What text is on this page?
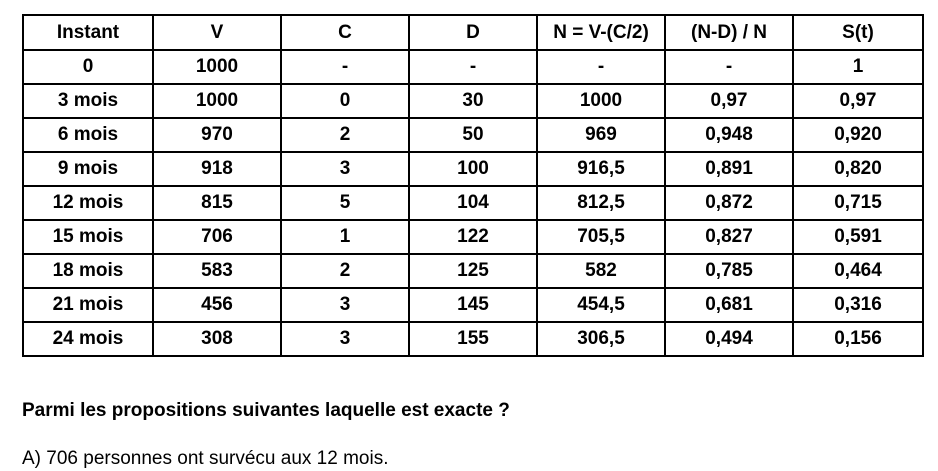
Instant	V	C	D	N = V-(C/2)	(N-D) / N	S(t)
0	1000	-	-	-	-	1
3 mois	1000	0	30	1000	0,97	0,97
6 mois	970	2	50	969	0,948	0,920
9 mois	918	3	100	916,5	0,891	0,820
12 mois	815	5	104	812,5	0,872	0,715
15 mois	706	1	122	705,5	0,827	0,591
18 mois	583	2	125	582	0,785	0,464
21 mois	456	3	145	454,5	0,681	0,316
24 mois	308	3	155	306,5	0,494	0,156

Parmi les propositions suivantes laquelle est exacte ?

A) 706 personnes ont survécu aux 12 mois.
